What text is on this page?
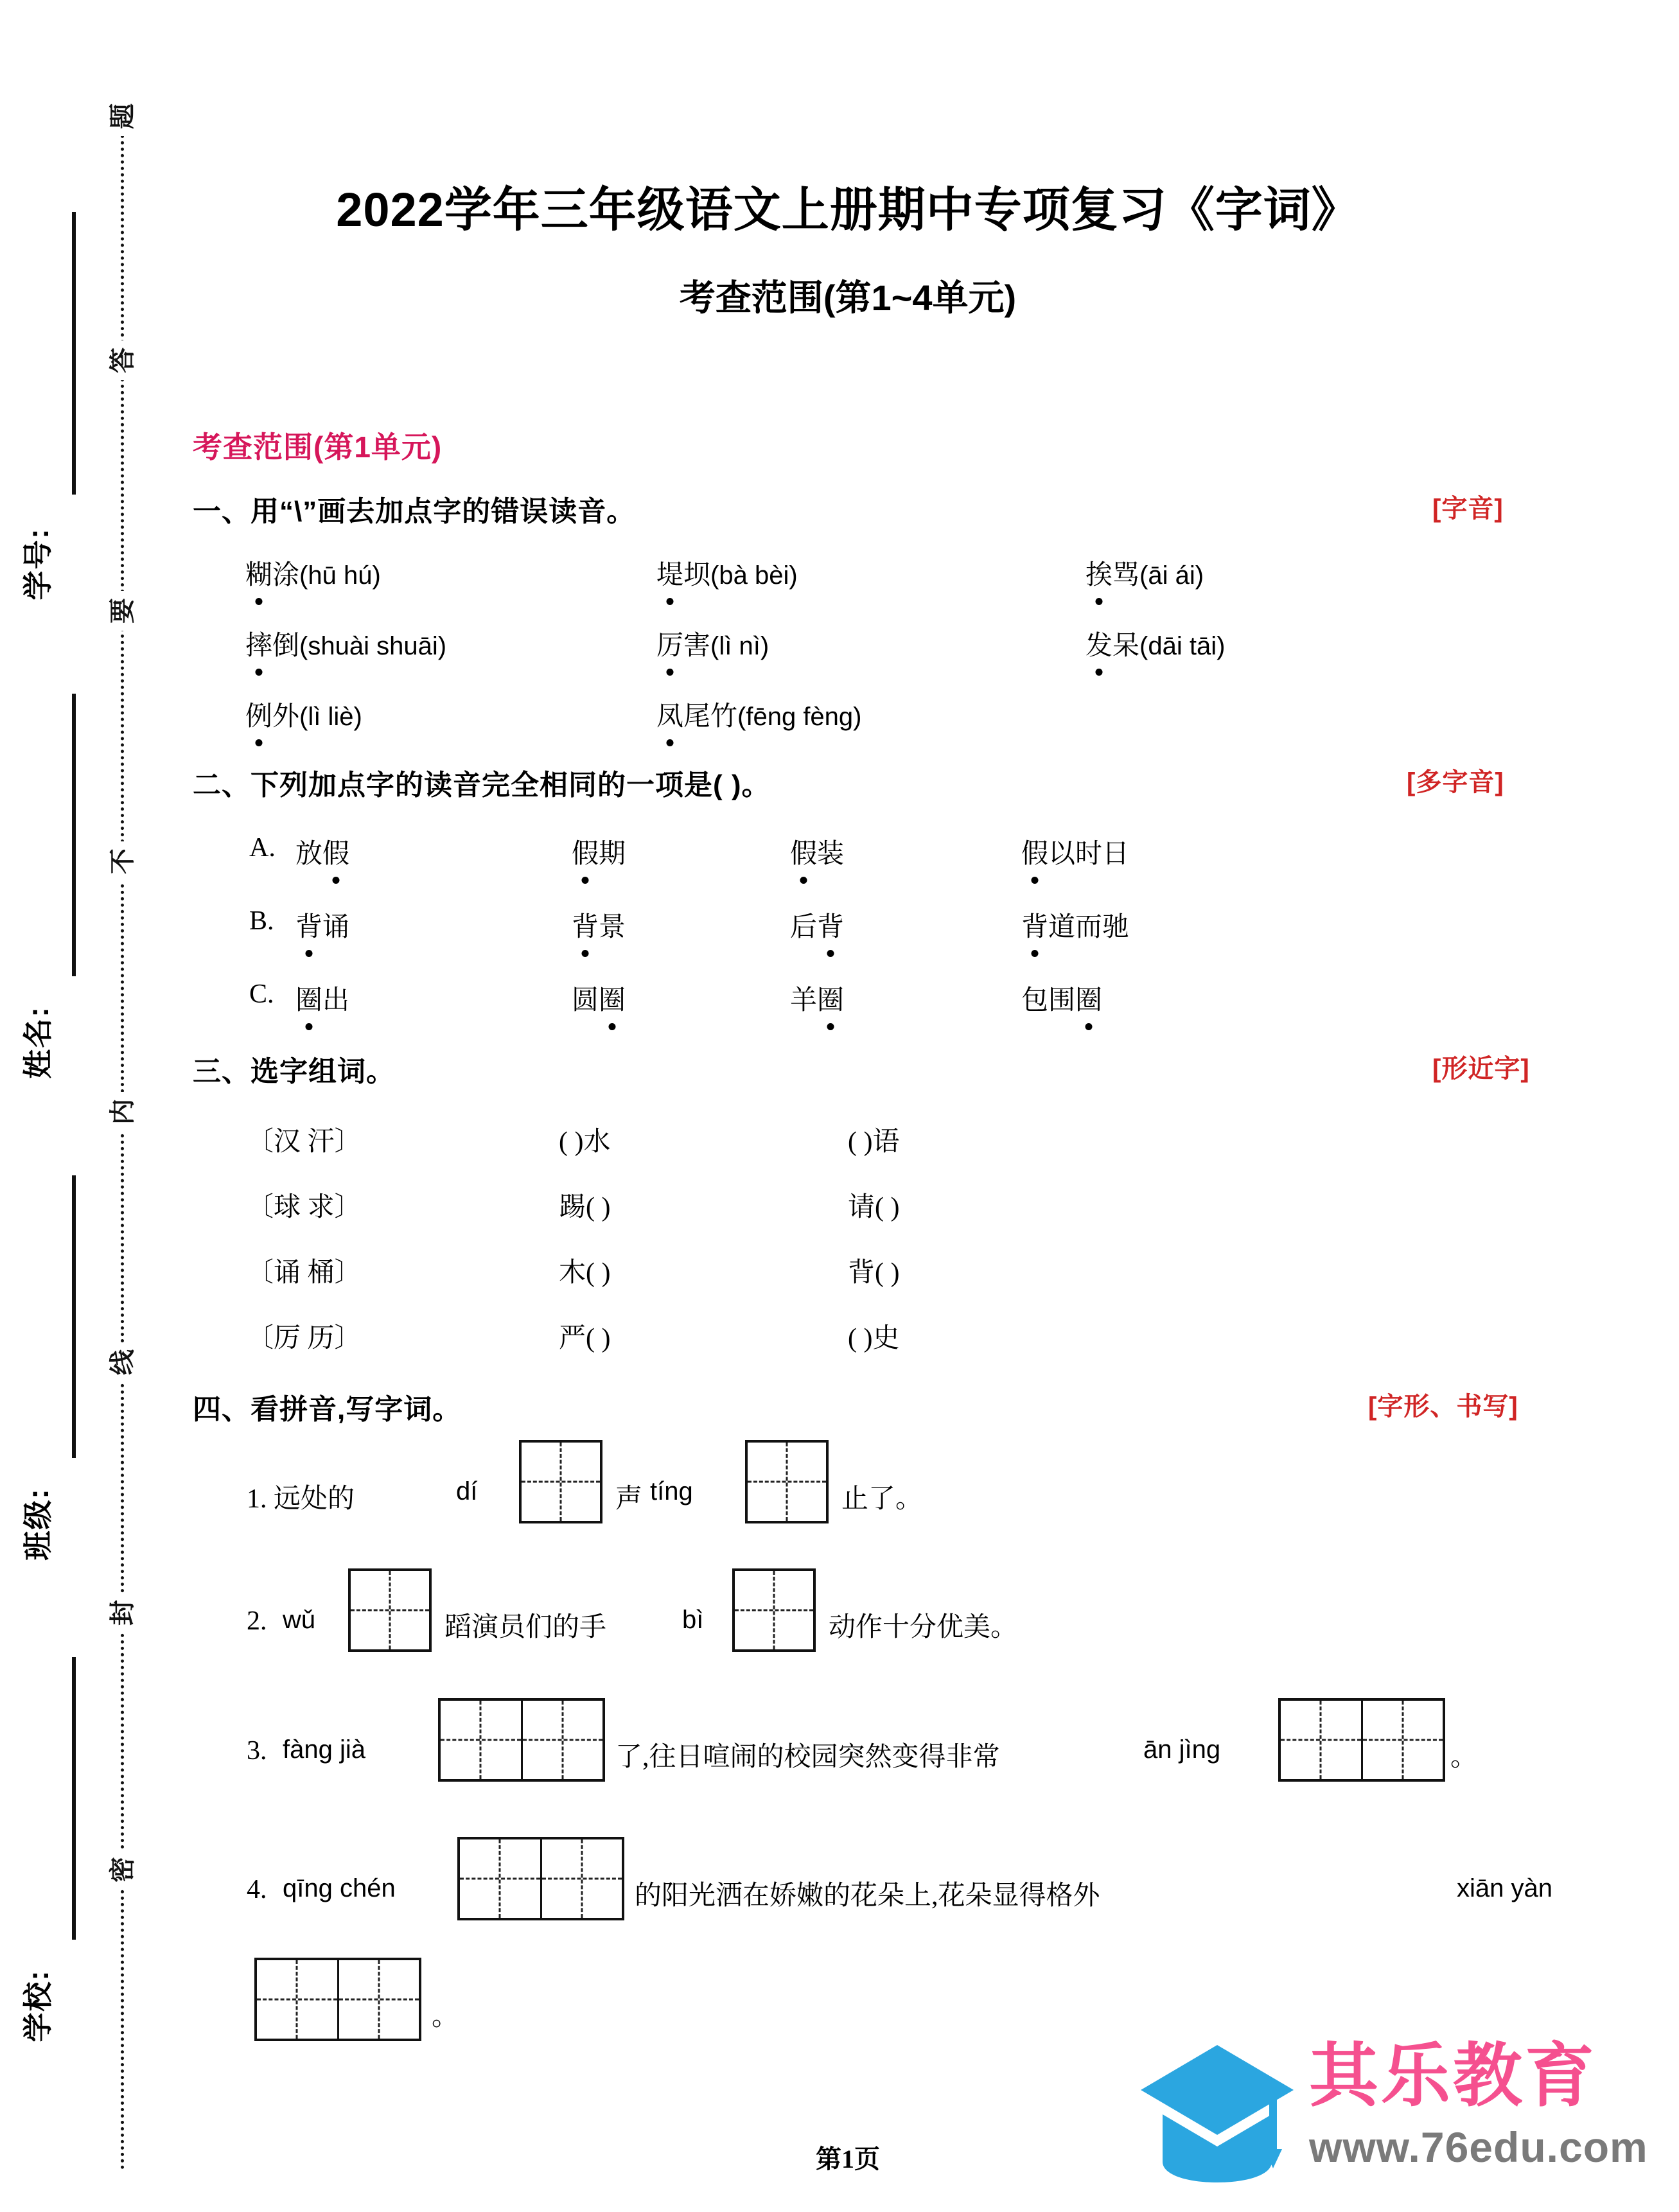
题
答
要
不
内
线
封
密
学号:
姓名:
班级:
学校:
2022学年三年级语文上册期中专项复习《字词》
考查范围(第1~4单元)
考查范围(第1单元)
一、用“\”画去加点字的错误读音。	[字音]
糊涂(hū hú)	堤坝(bà bèi)	挨骂(āi ái)
摔倒(shuài shuāi)	厉害(lì nì)	发呆(dāi tāi)
例外(lì liè)	凤尾竹(fēng fèng)
二、下列加点字的读音完全相同的一项是( )。	[多字音]
A. 放假	假期	假装	假以时日
B. 背诵	背景	后背	背道而驰
C. 圈出	圆圈	羊圈	包围圈
三、选字组词。	[形近字]
〔汉 汗〕	( )水	( )语
〔球 求〕	踢( )	请( )
〔诵 桶〕	木( )	背( )
〔厉 历〕	严( )	( )史
四、看拼音,写字词。	[字形、书写]
1. 远处的	dí	声 tíng	止了。
2. wǔ	蹈演员们的手	bì	动作十分优美。
3. fàng jià	了,往日喧闹的校园突然变得非常	ān jìng	。
4. qīng chén	的阳光洒在娇嫩的花朵上,花朵显得格外	xiān yàn
。
其乐教育
www.76edu.com
第1页
